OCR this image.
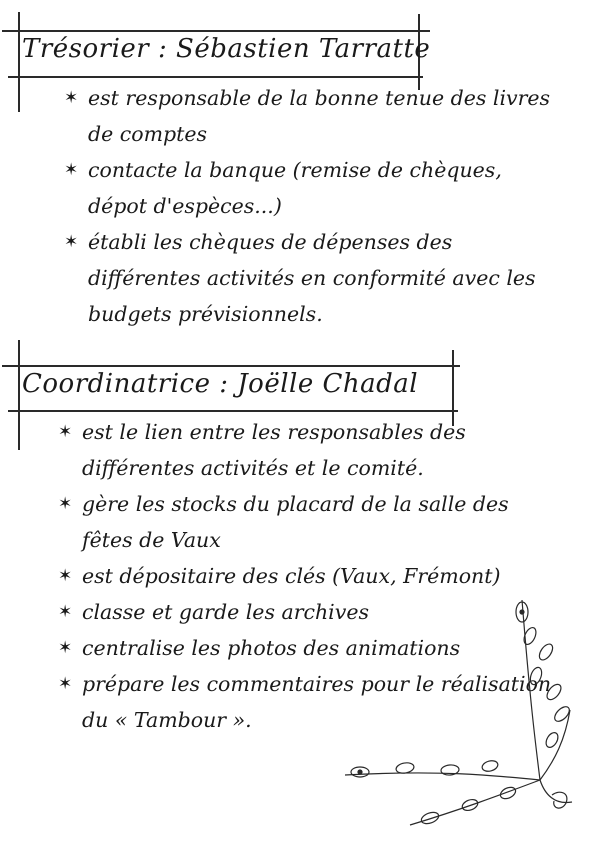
Trésorier : Sébastien Tarratte
✶ est responsable de la bonne tenue des livres de comptes
✶ contacte la banque (remise de chèques, dépot d'espèces...)
✶ établi les chèques de dépenses des différentes activités en conformité avec les budgets prévisionnels.
Coordinatrice : Joëlle Chadal
✶ est le lien entre les responsables des différentes activités et le comité.
✶ gère les stocks du placard de la salle des fêtes de Vaux
✶ est dépositaire des clés (Vaux, Frémont)
✶ classe et garde les archives
✶ centralise les photos des animations
✶ prépare les commentaires pour le réalisation du « Tambour ».
